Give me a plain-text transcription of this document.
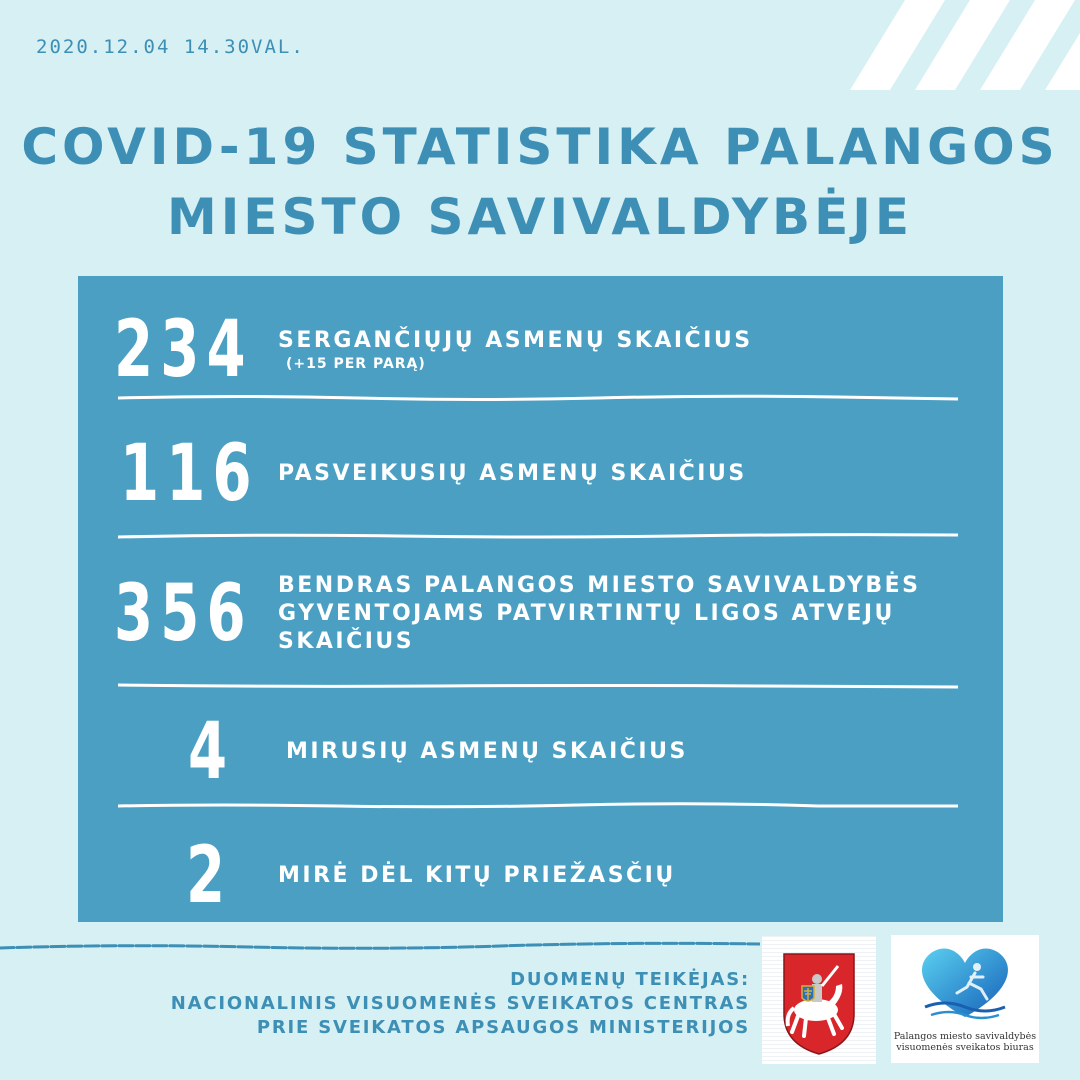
2020.12.04 14.30VAL.
COVID-19 STATISTIKA PALANGOS
MIESTO SAVIVALDYBĖJE
234	SERGANČIŲJŲ ASMENŲ SKAIČIUS
(+15 PER PARĄ)
116 PASVEIKUSIŲ ASMENŲ SKAIČIUS
356	BENDRAS PALANGOS MIESTO SAVIVALDYBĖS
GYVENTOJAMS PATVIRTINTŲ LIGOS ATVEJŲ
SKAIČIUS
4	MIRUSIŲ ASMENŲ SKAIČIUS
2	MIRĖ DĖL KITŲ PRIEŽASČIŲ
DUOMENŲ TEIKĖJAS:
NACIONALINIS VISUOMENĖS SVEIKATOS CENTRAS
PRIE SVEIKATOS APSAUGOS MINISTERIJOS	Palangos miesto savivaldybės
visuomenės sveikatos biuras
